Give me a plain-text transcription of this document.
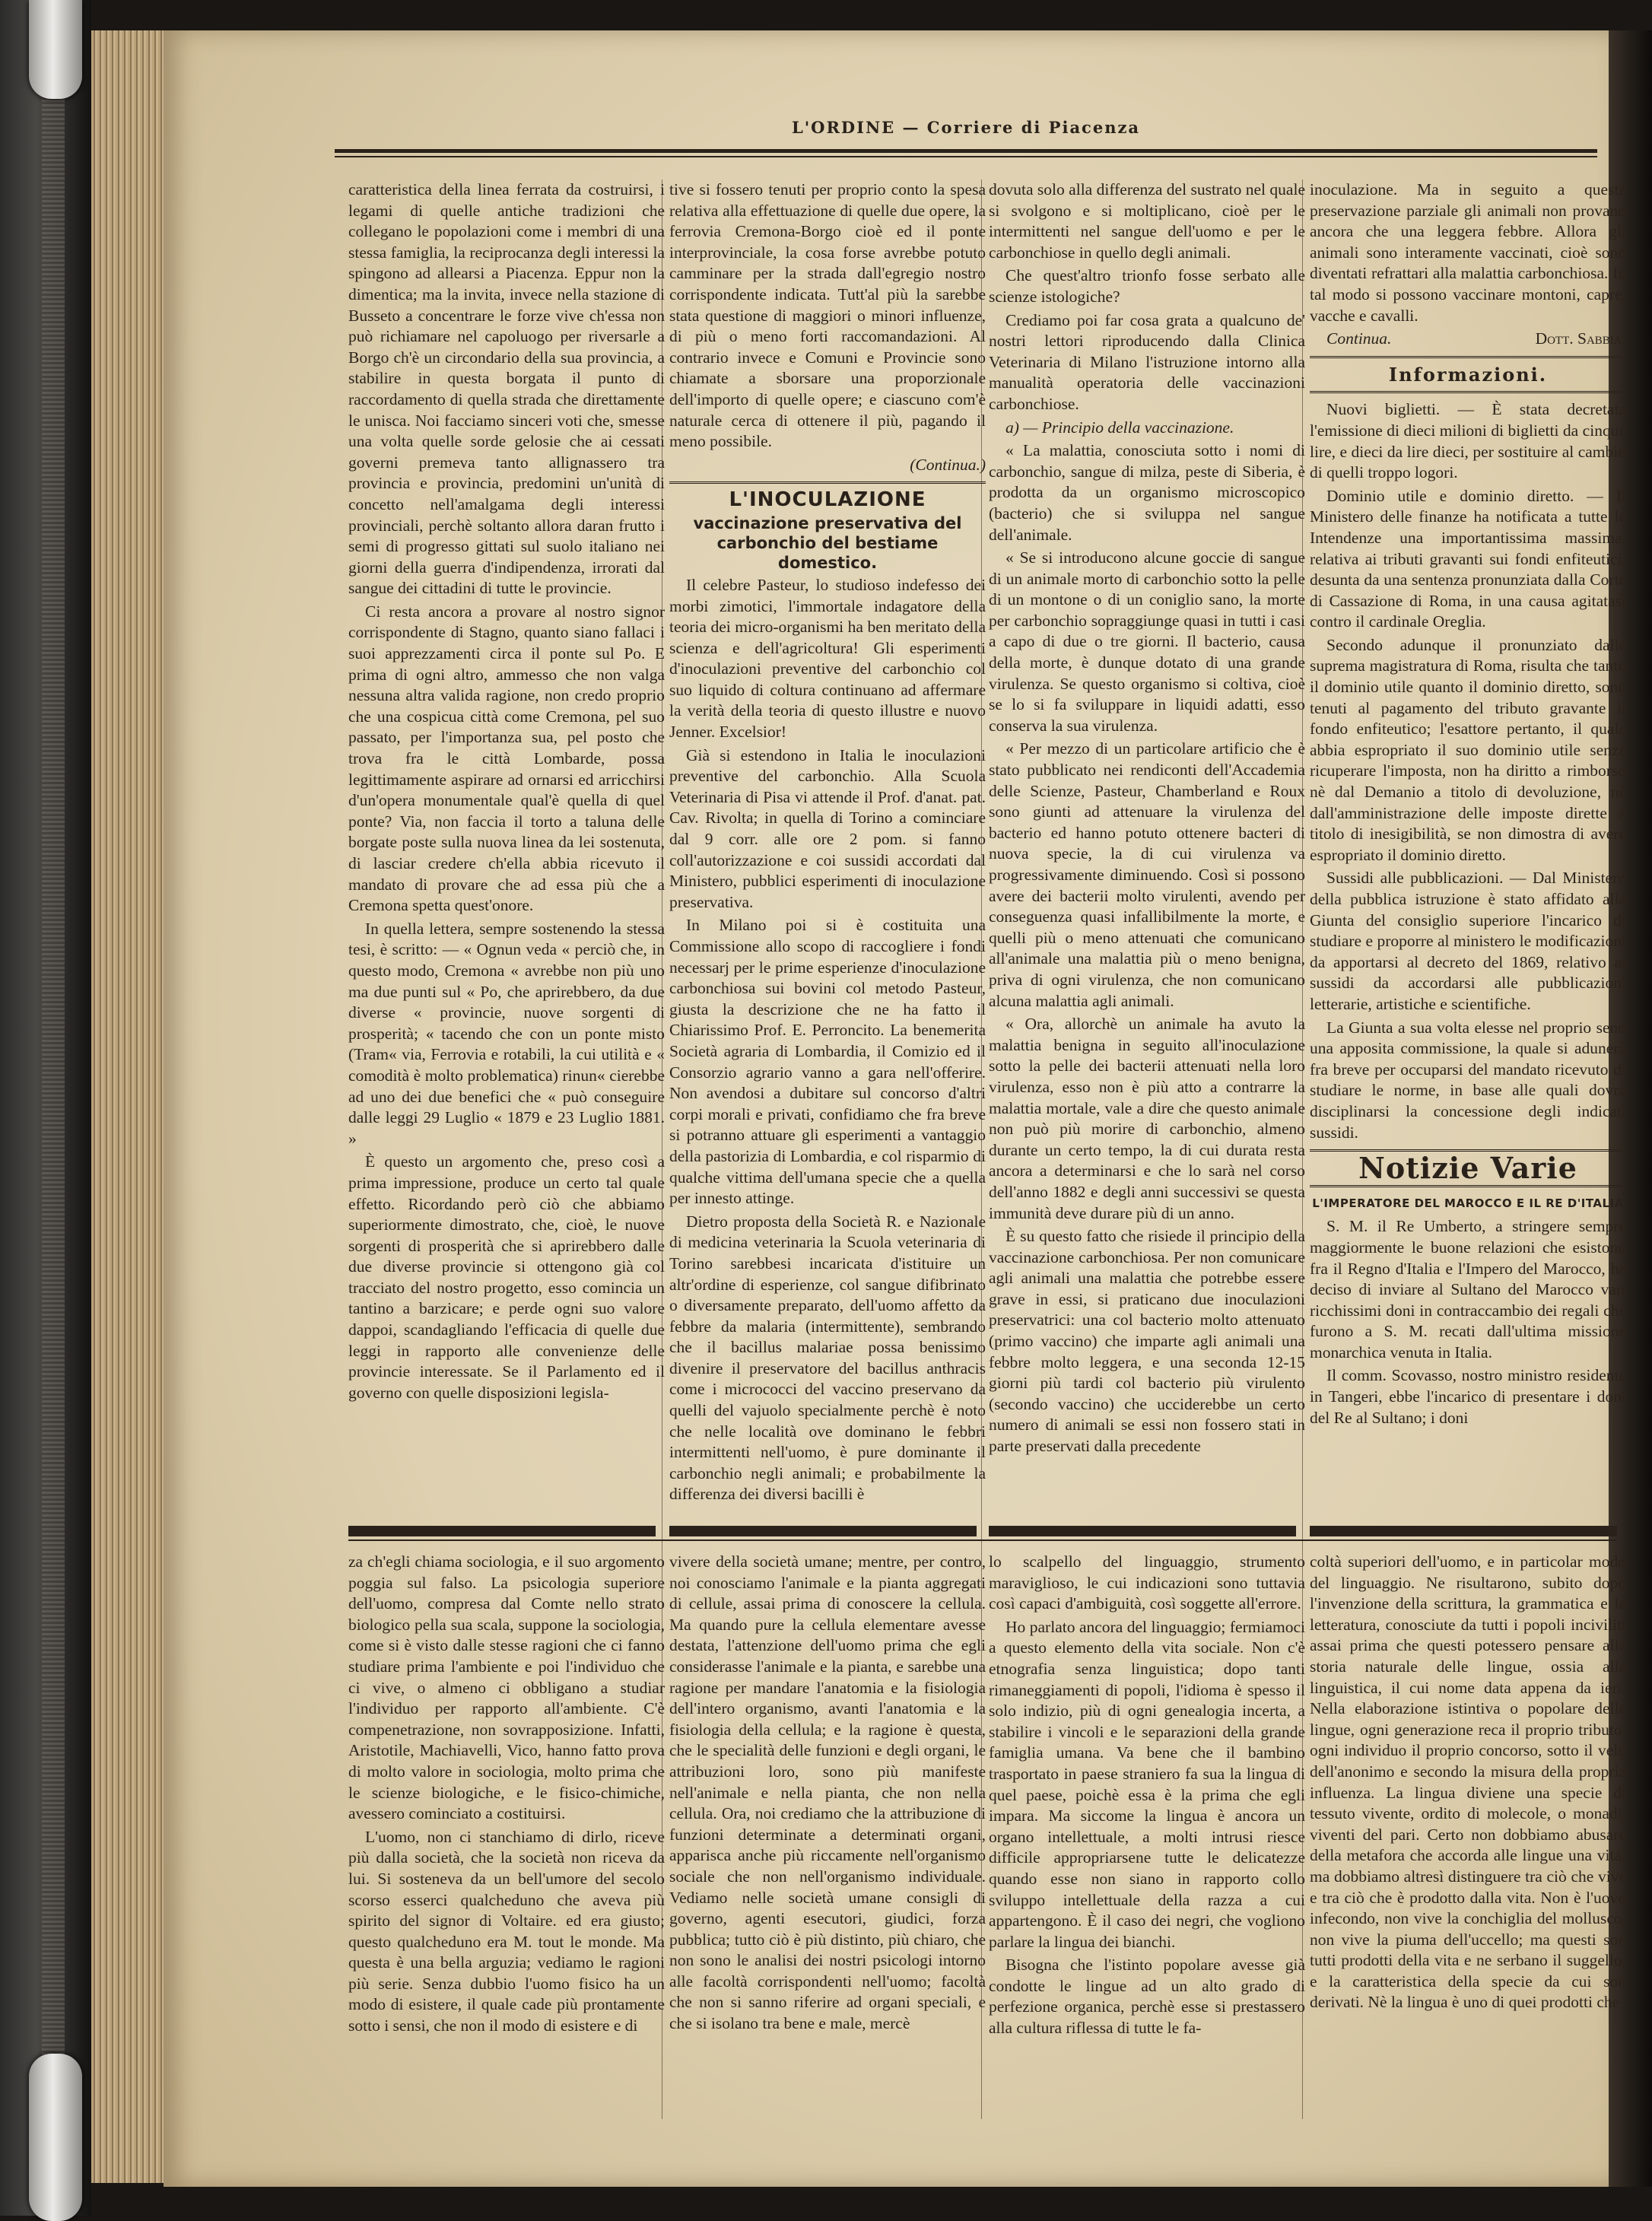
L'ORDINE — Corriere di Piacenza

caratteristica della linea ferrata da costruirsi, i legami di quelle antiche tradizioni che collegano le popolazioni come i membri di una stessa famiglia, la reciprocanza degli interessi la spingono ad allearsi a Piacenza. Eppur non la dimentica; ma la invita, invece nella stazione di Busseto a concentrare le forze vive ch'essa non può richiamare nel capoluogo per riversarle a Borgo ch'è un circondario della sua provincia, a stabilire in questa borgata il punto di raccordamento di quella strada che direttamente le unisca. Noi facciamo sinceri voti che, smesse una volta quelle sorde gelosie che ai cessati governi premeva tanto allignassero tra provincia e provincia, predomini un'unità di concetto nell'amalgama degli interessi provinciali, perchè soltanto allora daran frutto i semi di progresso gittati sul suolo italiano nei giorni della guerra d'indipendenza, irrorati dal sangue dei cittadini di tutte le provincie.

Ci resta ancora a provare al nostro signor corrispondente di Stagno, quanto siano fallaci i suoi apprezzamenti circa il ponte sul Po. E prima di ogni altro, ammesso che non valga nessuna altra valida ragione, non credo proprio che una cospicua città come Cremona, pel suo passato, per l'importanza sua, pel posto che trova fra le città Lombarde, possa legittimamente aspirare ad ornarsi ed arricchirsi d'un'opera monumentale qual'è quella di quel ponte? Via, non faccia il torto a taluna delle borgate poste sulla nuova linea da lei sostenuta, di lasciar credere ch'ella abbia ricevuto il mandato di provare che ad essa più che a Cremona spetta quest'onore.

In quella lettera, sempre sostenendo la stessa tesi, è scritto: — « Ognun veda « perciò che, in questo modo, Cremona « avrebbe non più uno ma due punti sul « Po, che aprirebbero, da due diverse « provincie, nuove sorgenti di prosperità; « tacendo che con un ponte misto (Tram« via, Ferrovia e rotabili, la cui utilità e « comodità è molto problematica) rinun« cierebbe ad uno dei due benefici che « può conseguire dalle leggi 29 Luglio « 1879 e 23 Luglio 1881. »

È questo un argomento che, preso così a prima impressione, produce un certo tal quale effetto. Ricordando però ciò che abbiamo superiormente dimostrato, che, cioè, le nuove sorgenti di prosperità che si aprirebbero dalle due diverse provincie si ottengono già col tracciato del nostro progetto, esso comincia un tantino a barzicare; e perde ogni suo valore dappoi, scandagliando l'efficacia di quelle due leggi in rapporto alle convenienze delle provincie interessate. Se il Parlamento ed il governo con quelle disposizioni legisla-

tive si fossero tenuti per proprio conto la spesa relativa alla effettuazione di quelle due opere, la ferrovia Cremona-Borgo cioè ed il ponte interprovinciale, la cosa forse avrebbe potuto camminare per la strada dall'egregio nostro corrispondente indicata. Tutt'al più la sarebbe stata questione di maggiori o minori influenze, di più o meno forti raccomandazioni. Al contrario invece e Comuni e Provincie sono chiamate a sborsare una proporzionale dell'importo di quelle opere; e ciascuno com'è naturale cerca di ottenere il più, pagando il meno possibile.

(Continua.)

L'INOCULAZIONE

vaccinazione preservativa del carbonchio del bestiame domestico.

Il celebre Pasteur, lo studioso indefesso dei morbi zimotici, l'immortale indagatore della teoria dei micro-organismi ha ben meritato della scienza e dell'agricoltura! Gli esperimenti d'inoculazioni preventive del carbonchio col suo liquido di coltura continuano ad affermare la verità della teoria di questo illustre e nuovo Jenner. Excelsior!

Già si estendono in Italia le inoculazioni preventive del carbonchio. Alla Scuola Veterinaria di Pisa vi attende il Prof. d'anat. pat. Cav. Rivolta; in quella di Torino a cominciare dal 9 corr. alle ore 2 pom. si fanno coll'autorizzazione e coi sussidi accordati dal Ministero, pubblici esperimenti di inoculazione preservativa.

In Milano poi si è costituita una Commissione allo scopo di raccogliere i fondi necessarj per le prime esperienze d'inoculazione carbonchiosa sui bovini col metodo Pasteur, giusta la descrizione che ne ha fatto il Chiarissimo Prof. E. Perroncito. La benemerita Società agraria di Lombardia, il Comizio ed il Consorzio agrario vanno a gara nell'offerire. Non avendosi a dubitare sul concorso d'altri corpi morali e privati, confidiamo che fra breve si potranno attuare gli esperimenti a vantaggio della pastorizia di Lombardia, e col risparmio di qualche vittima dell'umana specie che a quella per innesto attinge.

Dietro proposta della Società R. e Nazionale di medicina veterinaria la Scuola veterinaria di Torino sarebbesi incaricata d'istituire un altr'ordine di esperienze, col sangue difibrinato o diversamente preparato, dell'uomo affetto da febbre da malaria (intermittente), sembrando che il bacillus malariae possa benissimo divenire il preservatore del bacillus anthracis come i micrococci del vaccino preservano da quelli del vajuolo specialmente perchè è noto che nelle località ove dominano le febbri intermittenti nell'uomo, è pure dominante il carbonchio negli animali; e probabilmente la differenza dei diversi bacilli è

dovuta solo alla differenza del sustrato nel quale si svolgono e si moltiplicano, cioè per le intermittenti nel sangue dell'uomo e per le carbonchiose in quello degli animali.

Che quest'altro trionfo fosse serbato alle scienze istologiche?

Crediamo poi far cosa grata a qualcuno de' nostri lettori riproducendo dalla Clinica Veterinaria di Milano l'istruzione intorno alla manualità operatoria delle vaccinazioni carbonchiose.

a) — Principio della vaccinazione.

« La malattia, conosciuta sotto i nomi di carbonchio, sangue di milza, peste di Siberia, è prodotta da un organismo microscopico (bacterio) che si sviluppa nel sangue dell'animale.

« Se si introducono alcune goccie di sangue di un animale morto di carbonchio sotto la pelle di un montone o di un coniglio sano, la morte per carbonchio sopraggiunge quasi in tutti i casi a capo di due o tre giorni. Il bacterio, causa della morte, è dunque dotato di una grande virulenza. Se questo organismo si coltiva, cioè se lo si fa sviluppare in liquidi adatti, esso conserva la sua virulenza.

« Per mezzo di un particolare artificio che è stato pubblicato nei rendiconti dell'Accademia delle Scienze, Pasteur, Chamberland e Roux sono giunti ad attenuare la virulenza del bacterio ed hanno potuto ottenere bacteri di nuova specie, la di cui virulenza va progressivamente diminuendo. Così si possono avere dei bacterii molto virulenti, avendo per conseguenza quasi infallibilmente la morte, e quelli più o meno attenuati che comunicano all'animale una malattia più o meno benigna, priva di ogni virulenza, che non comunicano alcuna malattia agli animali.

« Ora, allorchè un animale ha avuto la malattia benigna in seguito all'inoculazione sotto la pelle dei bacterii attenuati nella loro virulenza, esso non è più atto a contrarre la malattia mortale, vale a dire che questo animale non può più morire di carbonchio, almeno durante un certo tempo, la di cui durata resta ancora a determinarsi e che lo sarà nel corso dell'anno 1882 e degli anni successivi se questa immunità deve durare più di un anno.

È su questo fatto che risiede il principio della vaccinazione carbonchiosa. Per non comunicare agli animali una malattia che potrebbe essere grave in essi, si praticano due inoculazioni preservatrici: una col bacterio molto attenuato (primo vaccino) che imparte agli animali una febbre molto leggera, e una seconda 12-15 giorni più tardi col bacterio più virulento (secondo vaccino) che ucciderebbe un certo numero di animali se essi non fossero stati in parte preservati dalla precedente

inoculazione. Ma in seguito a questa preservazione parziale gli animali non provano ancora che una leggera febbre. Allora gli animali sono interamente vaccinati, cioè sono diventati refrattari alla malattia carbonchiosa. In tal modo si possono vaccinare montoni, capre, vacche e cavalli.

Continua.	Dott. Sabbia.

Informazioni.

Nuovi biglietti. — È stata decretata l'emissione di dieci milioni di biglietti da cinque lire, e dieci da lire dieci, per sostituire al cambio di quelli troppo logori.

Dominio utile e dominio diretto. — Il Ministero delle finanze ha notificata a tutte le Intendenze una importantissima massima, relativa ai tributi gravanti sui fondi enfiteutici, desunta da una sentenza pronunziata dalla Corte di Cassazione di Roma, in una causa agitatasi contro il cardinale Oreglia.

Secondo adunque il pronunziato dalla suprema magistratura di Roma, risulta che tanto il dominio utile quanto il dominio diretto, sono tenuti al pagamento del tributo gravante il fondo enfiteutico; l'esattore pertanto, il quale abbia espropriato il suo dominio utile senza ricuperare l'imposta, non ha diritto a rimborso nè dal Demanio a titolo di devoluzione, nè dall'amministrazione delle imposte dirette a titolo di inesigibilità, se non dimostra di avere espropriato il dominio diretto.

Sussidi alle pubblicazioni. — Dal Ministero della pubblica istruzione è stato affidato alla Giunta del consiglio superiore l'incarico di studiare e proporre al ministero le modificazioni da apportarsi al decreto del 1869, relativo ai sussidi da accordarsi alle pubblicazioni letterarie, artistiche e scientifiche.

La Giunta a sua volta elesse nel proprio seno una apposita commissione, la quale si adunerà fra breve per occuparsi del mandato ricevuto di studiare le norme, in base alle quali dovrà disciplinarsi la concessione degli indicati sussidi.

Notizie Varie

L'IMPERATORE DEL MAROCCO E IL RE D'ITALIA

S. M. il Re Umberto, a stringere sempre maggiormente le buone relazioni che esistono fra il Regno d'Italia e l'Impero del Marocco, ha deciso di inviare al Sultano del Marocco vari ricchissimi doni in contraccambio dei regali che furono a S. M. recati dall'ultima missione monarchica venuta in Italia.

Il comm. Scovasso, nostro ministro residente in Tangeri, ebbe l'incarico di presentare i doni del Re al Sultano; i doni

za ch'egli chiama sociologia, e il suo argomento poggia sul falso. La psicologia superiore dell'uomo, compresa dal Comte nello strato biologico pella sua scala, suppone la sociologia, come si è visto dalle stesse ragioni che ci fanno studiare prima l'ambiente e poi l'individuo che ci vive, o almeno ci obbligano a studiar l'individuo per rapporto all'ambiente. C'è compenetrazione, non sovrapposizione. Infatti, Aristotile, Machiavelli, Vico, hanno fatto prova di molto valore in sociologia, molto prima che le scienze biologiche, e le fisico-chimiche, avessero cominciato a costituirsi.

L'uomo, non ci stanchiamo di dirlo, riceve più dalla società, che la società non riceva da lui. Si sosteneva da un bell'umore del secolo scorso esserci qualcheduno che aveva più spirito del signor di Voltaire. ed era giusto; questo qualcheduno era M. tout le monde. Ma questa è una bella arguzia; vediamo le ragioni più serie. Senza dubbio l'uomo fisico ha un modo di esistere, il quale cade più prontamente sotto i sensi, che non il modo di esistere e di

vivere della società umane; mentre, per contro, noi conosciamo l'animale e la pianta aggregati di cellule, assai prima di conoscere la cellula. Ma quando pure la cellula elementare avesse destata, l'attenzione dell'uomo prima che egli considerasse l'animale e la pianta, e sarebbe una ragione per mandare l'anatomia e la fisiologia dell'intero organismo, avanti l'anatomia e la fisiologia della cellula; e la ragione è questa, che le specialità delle funzioni e degli organi, le attribuzioni loro, sono più manifeste nell'animale e nella pianta, che non nella cellula. Ora, noi crediamo che la attribuzione di funzioni determinate a determinati organi, apparisca anche più riccamente nell'organismo sociale che non nell'organismo individuale. Vediamo nelle società umane consigli di governo, agenti esecutori, giudici, forza pubblica; tutto ciò è più distinto, più chiaro, che non sono le analisi dei nostri psicologi intorno alle facoltà corrispondenti nell'uomo; facoltà che non si sanno riferire ad organi speciali, e che si isolano tra bene e male, mercè

lo scalpello del linguaggio, strumento maraviglioso, le cui indicazioni sono tuttavia così capaci d'ambiguità, così soggette all'errore.

Ho parlato ancora del linguaggio; fermiamoci a questo elemento della vita sociale. Non c'è etnografia senza linguistica; dopo tanti rimaneggiamenti di popoli, l'idioma è spesso il solo indizio, più di ogni genealogia incerta, a stabilire i vincoli e le separazioni della grande famiglia umana. Va bene che il bambino trasportato in paese straniero fa sua la lingua di quel paese, poichè essa è la prima che egli impara. Ma siccome la lingua è ancora un organo intellettuale, a molti intrusi riesce difficile appropriarsene tutte le delicatezze quando esse non siano in rapporto collo sviluppo intellettuale della razza a cui appartengono. È il caso dei negri, che vogliono parlare la lingua dei bianchi.

Bisogna che l'istinto popolare avesse già condotte le lingue ad un alto grado di perfezione organica, perchè esse si prestassero alla cultura riflessa di tutte le fa-

coltà superiori dell'uomo, e in particolar modo del linguaggio. Ne risultarono, subito dopo l'invenzione della scrittura, la grammatica e la letteratura, conosciute da tutti i popoli inciviliti assai prima che questi potessero pensare alla storia naturale delle lingue, ossia alla linguistica, il cui nome data appena da ieri. Nella elaborazione istintiva o popolare delle lingue, ogni generazione reca il proprio tributo, ogni individuo il proprio concorso, sotto il velo dell'anonimo e secondo la misura della propria influenza. La lingua diviene una specie di tessuto vivente, ordito di molecole, o monadi, viventi del pari. Certo non dobbiamo abusare della metafora che accorda alle lingue una vita; ma dobbiamo altresì distinguere tra ciò che vive e tra ciò che è prodotto dalla vita. Non è l'uovo infecondo, non vive la conchiglia del mollusco, non vive la piuma dell'uccello; ma questi son tutti prodotti della vita e ne serbano il suggello, e la caratteristica della specie da cui son derivati. Nè la lingua è uno di quei prodotti che
